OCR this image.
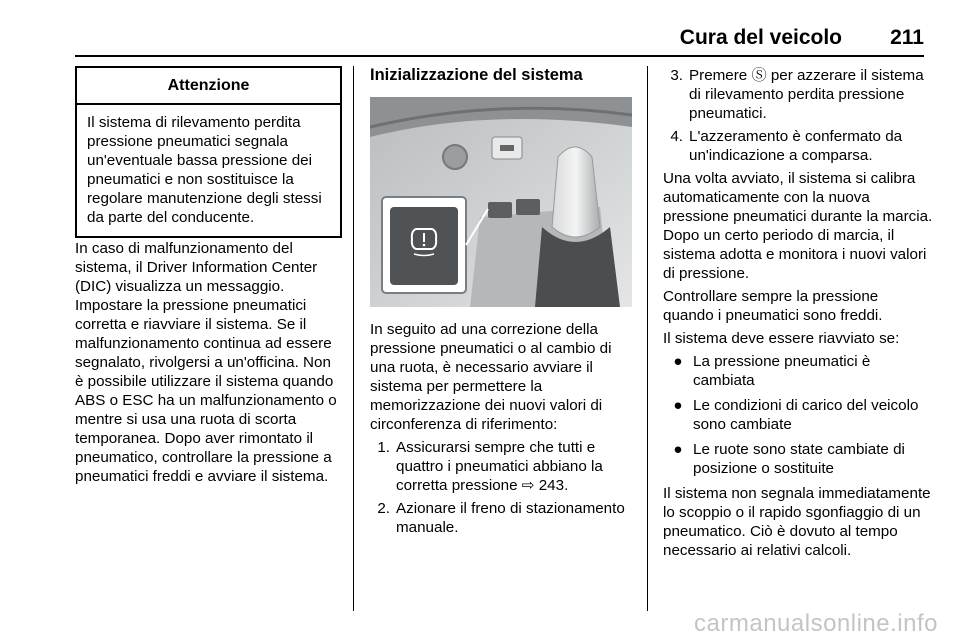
Cura del veicolo 211
Attenzione
Il sistema di rilevamento perdita pressione pneumatici segnala un'eventuale bassa pressione dei pneumatici e non sostituisce la regolare manutenzione degli stessi da parte del conducente.

In caso di malfunzionamento del sistema, il Driver Information Center (DIC) visualizza un messaggio. Impostare la pressione pneumatici corretta e riavviare il sistema. Se il malfunzionamento continua ad essere segnalato, rivolgersi a un'officina. Non è possibile utilizzare il sistema quando ABS o ESC ha un malfunzionamento o mentre si usa una ruota di scorta temporanea. Dopo aver rimontato il pneumatico, controllare la pressione a pneumatici freddi e avviare il sistema.

Inizializzazione del sistema

In seguito ad una correzione della pressione pneumatici o al cambio di una ruota, è necessario avviare il sistema per permettere la memorizzazione dei nuovi valori di circonferenza di riferimento:

1. Assicurarsi sempre che tutti e quattro i pneumatici abbiano la corretta pressione ⇨ 243.
2. Azionare il freno di stazionamento manuale.
3. Premere Ⓢ per azzerare il sistema di rilevamento perdita pressione pneumatici.
4. L'azzeramento è confermato da un'indicazione a comparsa.

Una volta avviato, il sistema si calibra automaticamente con la nuova pressione pneumatici durante la marcia. Dopo un certo periodo di marcia, il sistema adotta e monitora i nuovi valori di pressione.

Controllare sempre la pressione quando i pneumatici sono freddi.

Il sistema deve essere riavviato se:

● La pressione pneumatici è cambiata
● Le condizioni di carico del veicolo sono cambiate
● Le ruote sono state cambiate di posizione o sostituite

Il sistema non segnala immediatamente lo scoppio o il rapido sgonfiaggio di un pneumatico. Ciò è dovuto al tempo necessario ai relativi calcoli.

carmanualsonline.info
